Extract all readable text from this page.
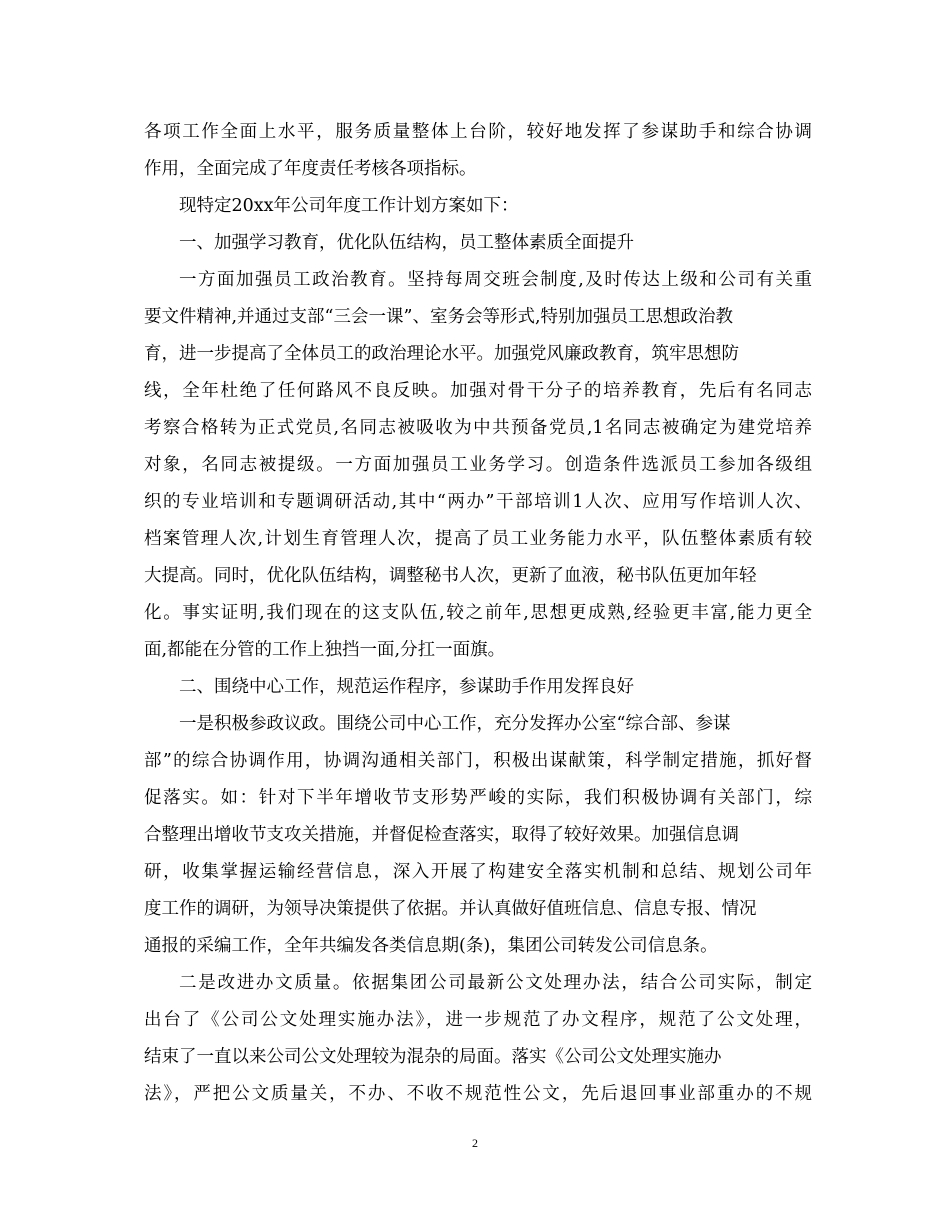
各项工作全面上水平，服务质量整体上台阶，较好地发挥了参谋助手和综合协调
作用，全面完成了年度责任考核各项指标。
现特定20xx年公司年度工作计划方案如下：
一、加强学习教育，优化队伍结构，员工整体素质全面提升
一方面加强员工政治教育。坚持每周交班会制度,及时传达上级和公司有关重
要文件精神,并通过支部“三会一课”、室务会等形式,特别加强员工思想政治教
育，进一步提高了全体员工的政治理论水平。加强党风廉政教育，筑牢思想防
线，全年杜绝了任何路风不良反映。加强对骨干分子的培养教育，先后有名同志
考察合格转为正式党员,名同志被吸收为中共预备党员,1名同志被确定为建党培养
对象，名同志被提级。一方面加强员工业务学习。创造条件选派员工参加各级组
织的专业培训和专题调研活动,其中“两办”干部培训1人次、应用写作培训人次、
档案管理人次,计划生育管理人次，提高了员工业务能力水平，队伍整体素质有较
大提高。同时，优化队伍结构，调整秘书人次，更新了血液，秘书队伍更加年轻
化。事实证明,我们现在的这支队伍,较之前年,思想更成熟,经验更丰富,能力更全
面,都能在分管的工作上独挡一面,分扛一面旗。
二、围绕中心工作，规范运作程序，参谋助手作用发挥良好
一是积极参政议政。围绕公司中心工作，充分发挥办公室“综合部、参谋
部”的综合协调作用，协调沟通相关部门，积极出谋献策，科学制定措施，抓好督
促落实。如：针对下半年增收节支形势严峻的实际，我们积极协调有关部门，综
合整理出增收节支攻关措施，并督促检查落实，取得了较好效果。加强信息调
研，收集掌握运输经营信息，深入开展了构建安全落实机制和总结、规划公司年
度工作的调研，为领导决策提供了依据。并认真做好值班信息、信息专报、情况
通报的采编工作，全年共编发各类信息期(条)，集团公司转发公司信息条。
二是改进办文质量。依据集团公司最新公文处理办法，结合公司实际，制定
出台了《公司公文处理实施办法》，进一步规范了办文程序，规范了公文处理，
结束了一直以来公司公文处理较为混杂的局面。落实《公司公文处理实施办
法》，严把公文质量关，不办、不收不规范性公文，先后退回事业部重办的不规
2
